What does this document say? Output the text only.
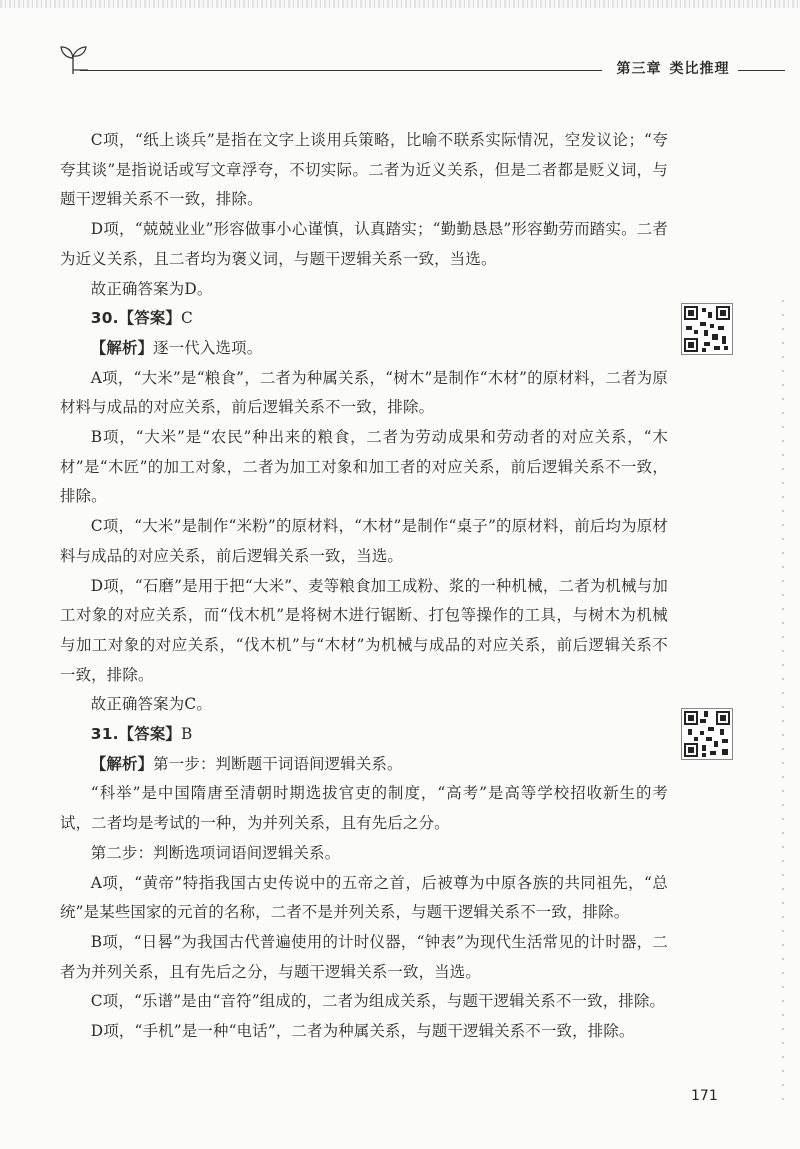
第三章 类比推理

C项，“纸上谈兵”是指在文字上谈用兵策略，比喻不联系实际情况，空发议论；“夸夸其谈”是指说话或写文章浮夸，不切实际。二者为近义关系，但是二者都是贬义词，与题干逻辑关系不一致，排除。

D项，“兢兢业业”形容做事小心谨慎，认真踏实；“勤勤恳恳”形容勤劳而踏实。二者为近义关系，且二者均为褒义词，与题干逻辑关系一致，当选。

故正确答案为D。

30.【答案】C

【解析】逐一代入选项。

A项，“大米”是“粮食”，二者为种属关系，“树木”是制作“木材”的原材料，二者为原材料与成品的对应关系，前后逻辑关系不一致，排除。

B项，“大米”是“农民”种出来的粮食，二者为劳动成果和劳动者的对应关系，“木材”是“木匠”的加工对象，二者为加工对象和加工者的对应关系，前后逻辑关系不一致，排除。

C项，“大米”是制作“米粉”的原材料，“木材”是制作“桌子”的原材料，前后均为原材料与成品的对应关系，前后逻辑关系一致，当选。

D项，“石磨”是用于把“大米”、麦等粮食加工成粉、浆的一种机械，二者为机械与加工对象的对应关系，而“伐木机”是将树木进行锯断、打包等操作的工具，与树木为机械与加工对象的对应关系，“伐木机”与“木材”为机械与成品的对应关系，前后逻辑关系不一致，排除。

故正确答案为C。

31.【答案】B

【解析】第一步：判断题干词语间逻辑关系。

“科举”是中国隋唐至清朝时期选拔官吏的制度，“高考”是高等学校招收新生的考试，二者均是考试的一种，为并列关系，且有先后之分。

第二步：判断选项词语间逻辑关系。

A项，“黄帝”特指我国古史传说中的五帝之首，后被尊为中原各族的共同祖先，“总统”是某些国家的元首的名称，二者不是并列关系，与题干逻辑关系不一致，排除。

B项，“日晷”为我国古代普遍使用的计时仪器，“钟表”为现代生活常见的计时器，二者为并列关系，且有先后之分，与题干逻辑关系一致，当选。

C项，“乐谱”是由“音符”组成的，二者为组成关系，与题干逻辑关系不一致，排除。

D项，“手机”是一种“电话”，二者为种属关系，与题干逻辑关系不一致，排除。

171
